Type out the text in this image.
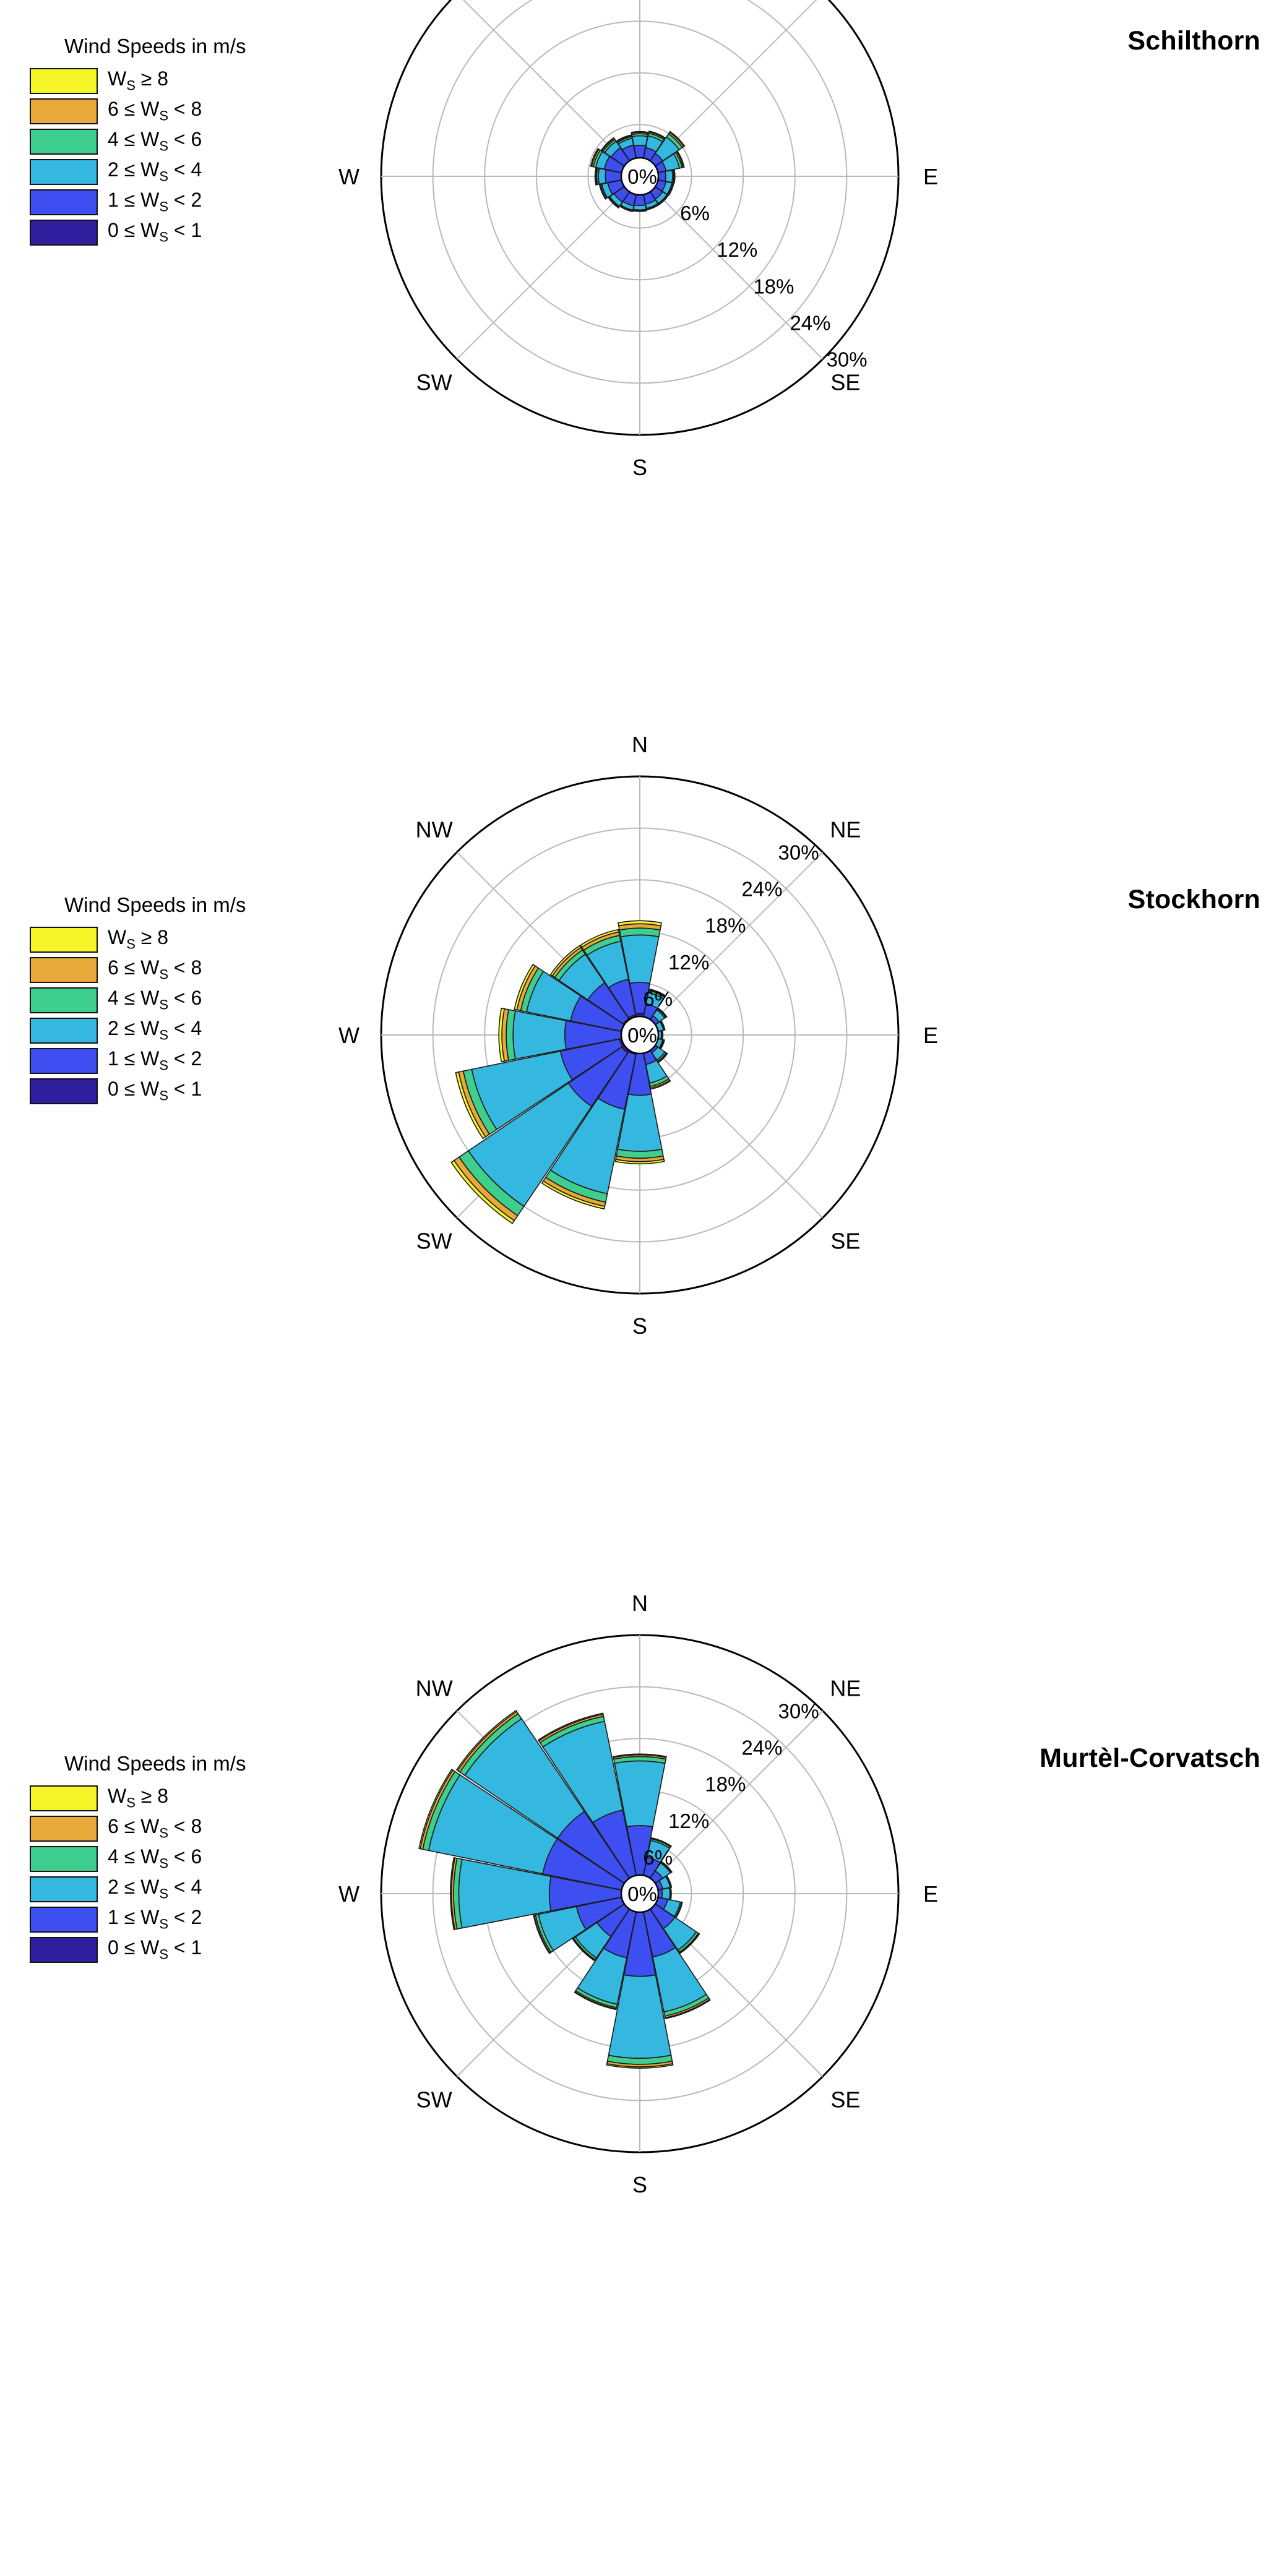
Schilthorn
Wind Speeds in m/s
$W_S \ge 8$
$6 \le W_S < 8$
$4 \le W_S < 6$
$2 \le W_S < 4$
$1 \le W_S < 2$
$0 \le W_S < 1$
0%
6%
12%
18%
24%
30%
E
SE
S
SW
W
Stockhorn
Wind Speeds in m/s
$W_S \ge 8$
$6 \le W_S < 8$
$4 \le W_S < 6$
$2 \le W_S < 4$
$1 \le W_S < 2$
$0 \le W_S < 1$
0%
6%
12%
18%
24%
30%
N
NE
E
SE
S
SW
W
NW
Murtèl-Corvatsch
Wind Speeds in m/s
$W_S \ge 8$
$6 \le W_S < 8$
$4 \le W_S < 6$
$2 \le W_S < 4$
$1 \le W_S < 2$
$0 \le W_S < 1$
0%
6%
12%
18%
24%
30%
N
NE
E
SE
S
SW
W
NW
